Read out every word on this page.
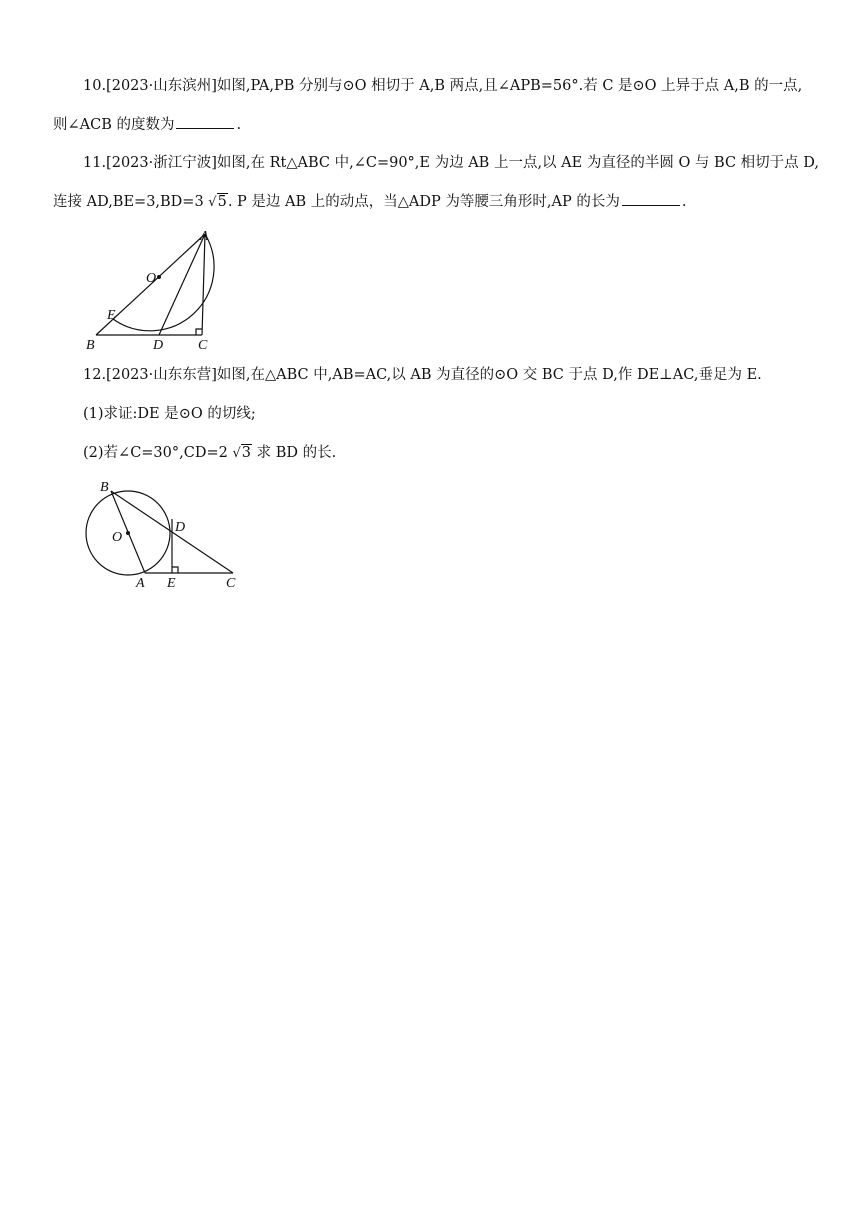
10.[2023·山东滨州]如图,PA,PB 分别与⊙O 相切于 A,B 两点,且∠APB=56°.若 C 是⊙O 上异于点 A,B 的一点,
则∠ACB 的度数为	.
11.[2023·浙江宁波]如图,在 Rt△ABC 中,∠C=90°,E 为边 AB 上一点,以 AE 为直径的半圆 O 与 BC 相切于点 D,
连接 AD,BE=3,BD=3 √5. P 是边 AB 上的动点，当△ADP 为等腰三角形时,AP 的长为	.
A
O
E
B	D C
12.[2023·山东东营]如图,在△ABC 中,AB=AC,以 AB 为直径的⊙O 交 BC 于点 D,作 DE⊥AC,垂足为 E.
(1)求证:DE 是⊙O 的切线;
(2)若∠C=30°,CD=2 √3 求 BD 的长.
B
D
O
A E	C
